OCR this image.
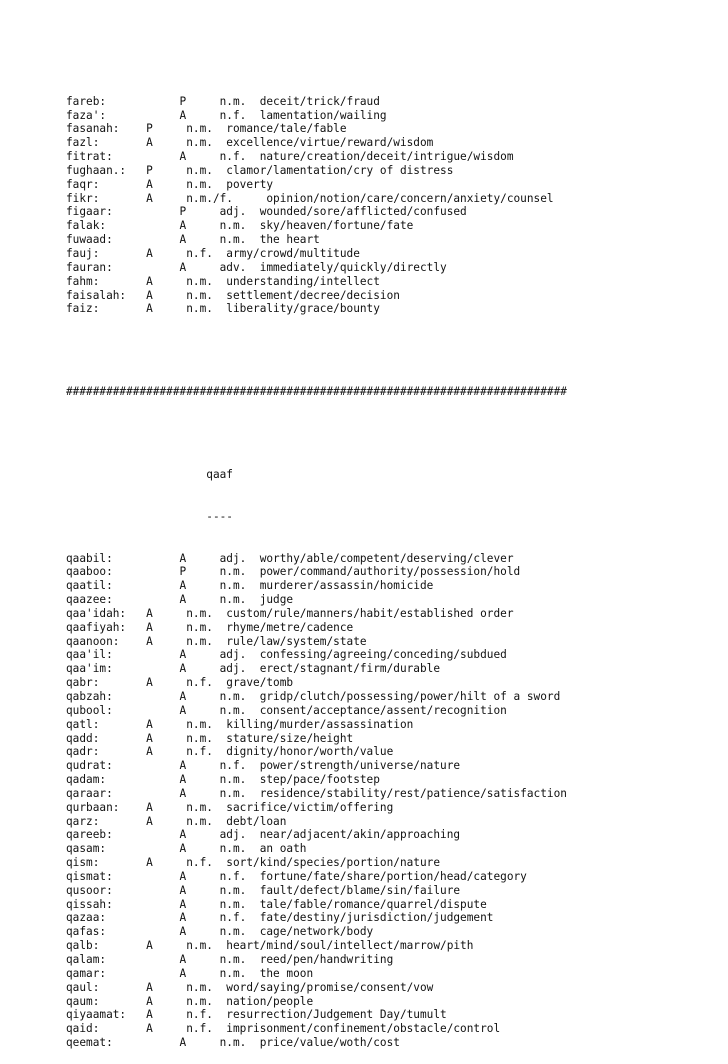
fareb:           P     n.m.  deceit/trick/fraud
faza':           A     n.f.  lamentation/wailing
fasanah:    P     n.m.  romance/tale/fable
fazl:       A     n.m.  excellence/virtue/reward/wisdom
fitrat:          A     n.f.  nature/creation/deceit/intrigue/wisdom
fughaan.:   P     n.m.  clamor/lamentation/cry of distress
faqr:       A     n.m.  poverty
fikr:       A     n.m./f.     opinion/notion/care/concern/anxiety/counsel
figaar:          P     adj.  wounded/sore/afflicted/confused
falak:           A     n.m.  sky/heaven/fortune/fate
fuwaad:          A     n.m.  the heart
fauj:       A     n.f.  army/crowd/multitude
fauran:          A     adv.  immediately/quickly/directly
fahm:       A     n.m.  understanding/intellect
faisalah:   A     n.m.  settlement/decree/decision
faiz:       A     n.m.  liberality/grace/bounty

###########################################################################

qaaf

----

qaabil:          A     adj.  worthy/able/competent/deserving/clever
qaaboo:          P     n.m.  power/command/authority/possession/hold
qaatil:          A     n.m.  murderer/assassin/homicide
qaazee:          A     n.m.  judge
qaa'idah:   A     n.m.  custom/rule/manners/habit/established order
qaafiyah:   A     n.m.  rhyme/metre/cadence
qaanoon:    A     n.m.  rule/law/system/state
qaa'il:          A     adj.  confessing/agreeing/conceding/subdued
qaa'im:          A     adj.  erect/stagnant/firm/durable
qabr:       A     n.f.  grave/tomb
qabzah:          A     n.m.  gridp/clutch/possessing/power/hilt of a sword
qubool:          A     n.m.  consent/acceptance/assent/recognition
qatl:       A     n.m.  killing/murder/assassination
qadd:       A     n.m.  stature/size/height
qadr:       A     n.f.  dignity/honor/worth/value
qudrat:          A     n.f.  power/strength/universe/nature
qadam:           A     n.m.  step/pace/footstep
qaraar:          A     n.m.  residence/stability/rest/patience/satisfaction
qurbaan:    A     n.m.  sacrifice/victim/offering
qarz:       A     n.m.  debt/loan
qareeb:          A     adj.  near/adjacent/akin/approaching
qasam:           A     n.m.  an oath
qism:       A     n.f.  sort/kind/species/portion/nature
qismat:          A     n.f.  fortune/fate/share/portion/head/category
qusoor:          A     n.m.  fault/defect/blame/sin/failure
qissah:          A     n.m.  tale/fable/romance/quarrel/dispute
qazaa:           A     n.f.  fate/destiny/jurisdiction/judgement
qafas:           A     n.m.  cage/network/body
qalb:       A     n.m.  heart/mind/soul/intellect/marrow/pith
qalam:           A     n.m.  reed/pen/handwriting
qamar:           A     n.m.  the moon
qaul:       A     n.m.  word/saying/promise/consent/vow
qaum:       A     n.m.  nation/people
qiyaamat:   A     n.f.  resurrection/Judgement Day/tumult
qaid:       A     n.f.  imprisonment/confinement/obstacle/control
qeemat:          A     n.m.  price/value/woth/cost
